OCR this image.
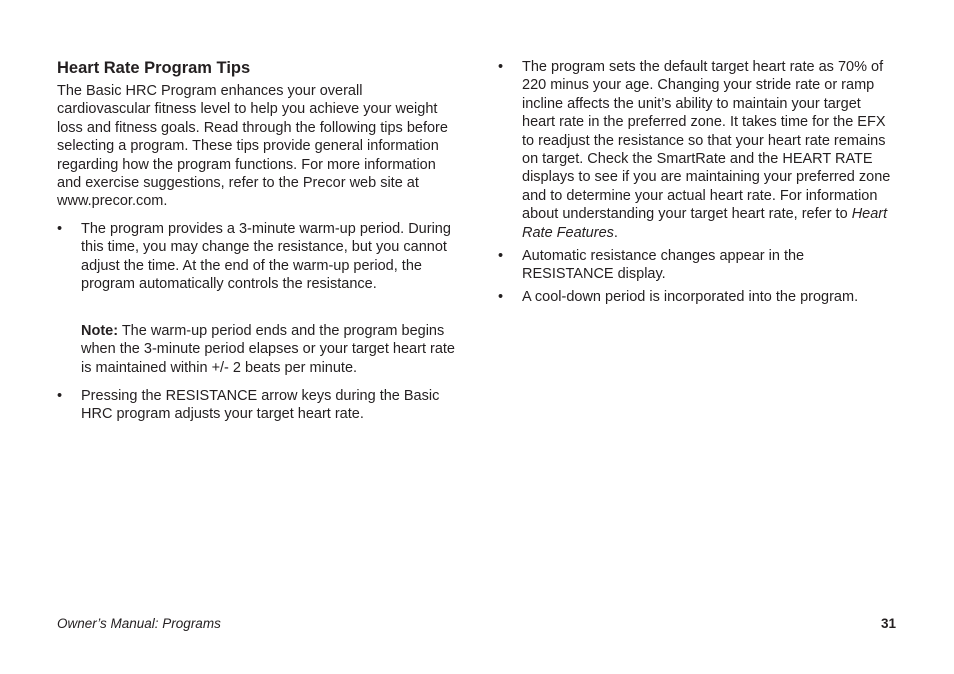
Heart Rate Program Tips

The Basic HRC Program enhances your overall cardiovascular fitness level to help you achieve your weight loss and fitness goals. Read through the following tips before selecting a program. These tips provide general information regarding how the program functions. For more information and exercise suggestions, refer to the Precor web site at www.precor.com.

•	The program provides a 3-minute warm-up period. During this time, you may change the resistance, but you cannot adjust the time. At the end of the warm-up period, the program automatically controls the resistance.
Note: The warm-up period ends and the program begins when the 3-minute period elapses or your target heart rate is maintained within +/- 2 beats per minute.
•	Pressing the RESISTANCE arrow keys during the Basic HRC program adjusts your target heart rate.
•	The program sets the default target heart rate as 70% of 220 minus your age. Changing your stride rate or ramp incline affects the unit’s ability to maintain your target heart rate in the preferred zone. It takes time for the EFX to readjust the resistance so that your heart rate remains on target. Check the SmartRate and the HEART RATE displays to see if you are maintaining your preferred zone and to determine your actual heart rate. For information about understanding your target heart rate, refer to Heart Rate Features.
•	Automatic resistance changes appear in the RESISTANCE display.
•	A cool-down period is incorporated into the program.
Owner’s Manual: Programs	31
